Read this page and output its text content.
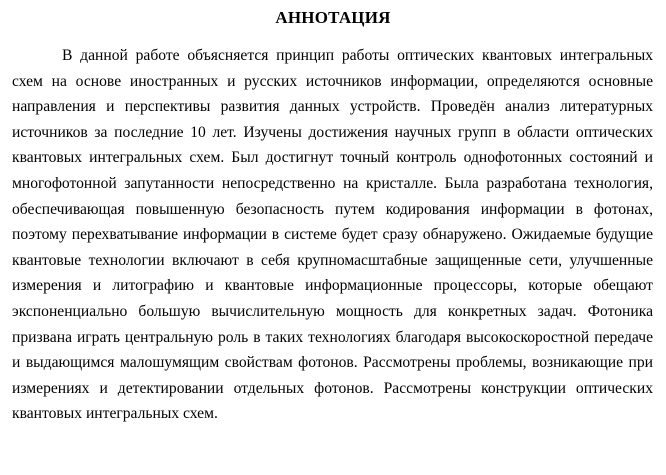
АННОТАЦИЯ

В данной работе объясняется принцип работы оптических квантовых интегральных схем на основе иностранных и русских источников информации, определяются основные направления и перспективы развития данных устройств. Проведён анализ литературных источников за последние 10 лет. Изучены достижения научных групп в области оптических квантовых интегральных схем. Был достигнут точный контроль однофотонных состояний и многофотонной запутанности непосредственно на кристалле. Была разработана технология, обеспечивающая повышенную безопасность путем кодирования информации в фотонах, поэтому перехватывание информации в системе будет сразу обнаружено. Ожидаемые будущие квантовые технологии включают в себя крупномасштабные защищенные сети, улучшенные измерения и литографию и квантовые информационные процессоры, которые обещают экспоненциально большую вычислительную мощность для конкретных задач. Фотоника призвана играть центральную роль в таких технологиях благодаря высокоскоростной передаче и выдающимся малошумящим свойствам фотонов. Рассмотрены проблемы, возникающие при измерениях и детектировании отдельных фотонов. Рассмотрены конструкции оптических квантовых интегральных схем.
